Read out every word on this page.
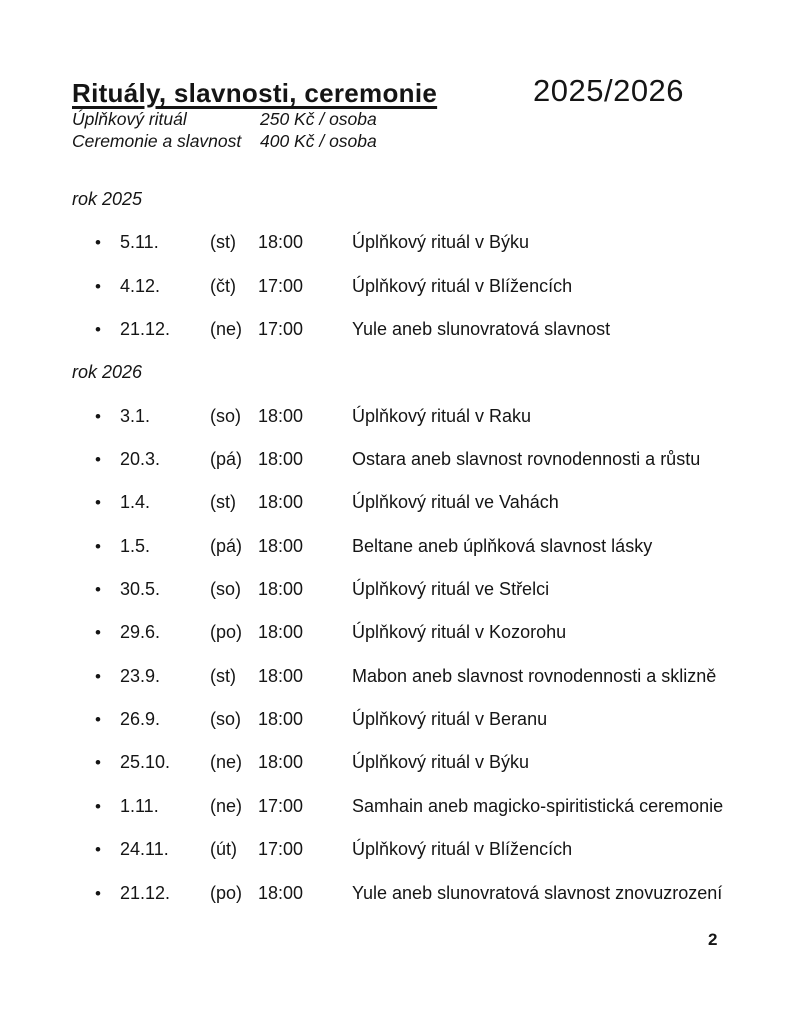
Rituály, slavnosti, ceremonie	2025/2026
Úplňkový rituál	250 Kč / osoba
Ceremonie a slavnost	400 Kč / osoba
rok 2025
•	5.11.	(st)	18:00	Úplňkový rituál v Býku
•	4.12.	(čt)	17:00	Úplňkový rituál v Blížencích
•	21.12.	(ne) 17:00	Yule aneb slunovratová slavnost
rok 2026
•	3.1.	(so) 18:00	Úplňkový rituál v Raku
•	20.3.	(pá) 18:00	Ostara aneb slavnost rovnodennosti a růstu
•	1.4.	(st)	18:00	Úplňkový rituál ve Vahách
•	1.5.	(pá) 18:00	Beltane aneb úplňková slavnost lásky
•	30.5.	(so) 18:00	Úplňkový rituál ve Střelci
•	29.6.	(po) 18:00	Úplňkový rituál v Kozorohu
•	23.9.	(st)	18:00	Mabon aneb slavnost rovnodennosti a sklizně
•	26.9.	(so) 18:00	Úplňkový rituál v Beranu
•	25.10.	(ne) 18:00	Úplňkový rituál v Býku
•	1.11.	(ne) 17:00	Samhain aneb magicko-spiritistická ceremonie
•	24.11.	(út)	17:00	Úplňkový rituál v Blížencích
•	21.12.	(po) 18:00	Yule aneb slunovratová slavnost znovuzrození
2
